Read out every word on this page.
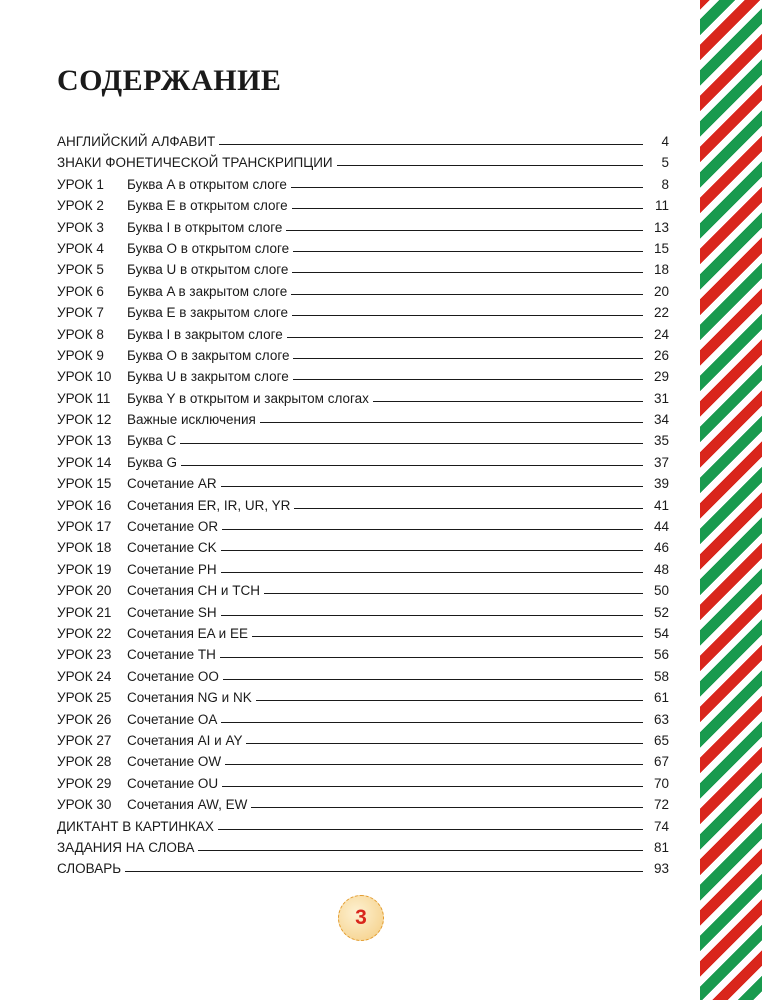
СОДЕРЖАНИЕ
АНГЛИЙСКИЙ АЛФАВИТ	4
ЗНАКИ ФОНЕТИЧЕСКОЙ ТРАНСКРИПЦИИ	5
УРОК 1	Буква A в открытом слоге	8
УРОК 2	Буква E в открытом слоге	11
УРОК 3	Буква I в открытом слоге	13
УРОК 4	Буква O в открытом слоге	15
УРОК 5	Буква U в открытом слоге	18
УРОК 6	Буква A в закрытом слоге	20
УРОК 7	Буква E в закрытом слоге	22
УРОК 8	Буква I в закрытом слоге	24
УРОК 9	Буква O в закрытом слоге	26
УРОК 10	Буква U в закрытом слоге	29
УРОК 11	Буква Y в открытом и закрытом слогах	31
УРОК 12	Важные исключения	34
УРОК 13	Буква С	35
УРОК 14	Буква G	37
УРОК 15	Сочетание AR	39
УРОК 16	Сочетания ER, IR, UR, YR	41
УРОК 17	Сочетание OR	44
УРОК 18	Сочетание CK	46
УРОК 19	Сочетание PH	48
УРОК 20	Сочетания CH и TCH	50
УРОК 21	Сочетание SH	52
УРОК 22	Сочетания EA и EE	54
УРОК 23	Сочетание TH	56
УРОК 24	Сочетание OO	58
УРОК 25	Сочетания NG и NK	61
УРОК 26	Сочетание OA	63
УРОК 27	Сочетания AI и AY	65
УРОК 28	Сочетание OW	67
УРОК 29	Сочетание OU	70
УРОК 30	Сочетания AW, EW	72
ДИКТАНТ В КАРТИНКАХ	74
ЗАДАНИЯ НА СЛОВА	81
СЛОВАРЬ	93
3
